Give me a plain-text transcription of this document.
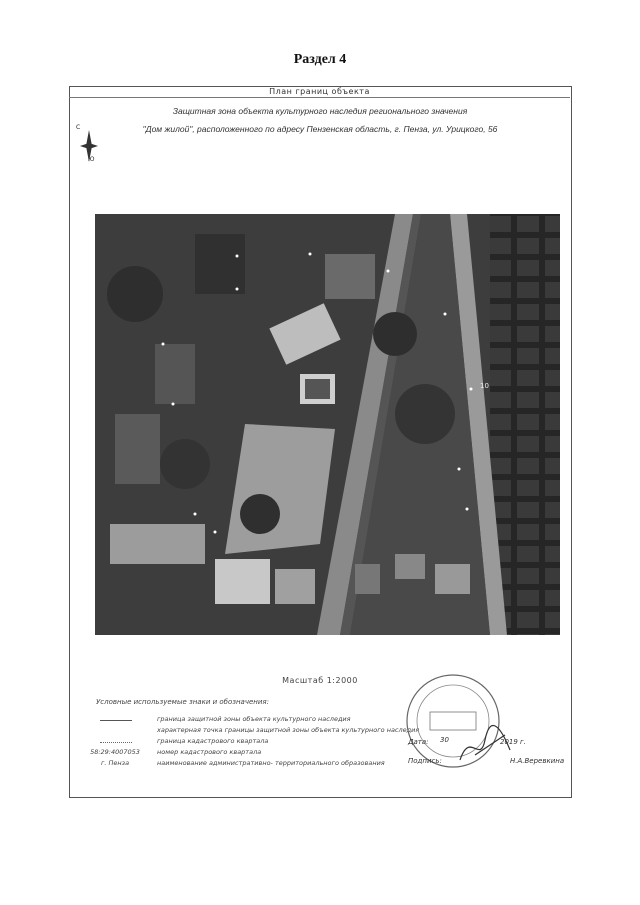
Раздел 4
План границ объекта
Защитная зона объекта культурного наследия регионального значения
"Дом жилой", расположенного по адресу Пензенская область, г. Пенза, ул. Урицкого, 56
С
Ю
10
Масштаб 1:2000
Условные используемые знаки и обозначения:
граница защитной зоны объекта культурного наследия
характерная точка границы защитной зоны объекта культурного наследия
граница кадастрового квартала
58:29:4007053	номер кадастрового квартала
г. Пенза	наименование административно- территориального образования
Дата: 30	2019 г.
Подпись:	Н.А.Веревкина
